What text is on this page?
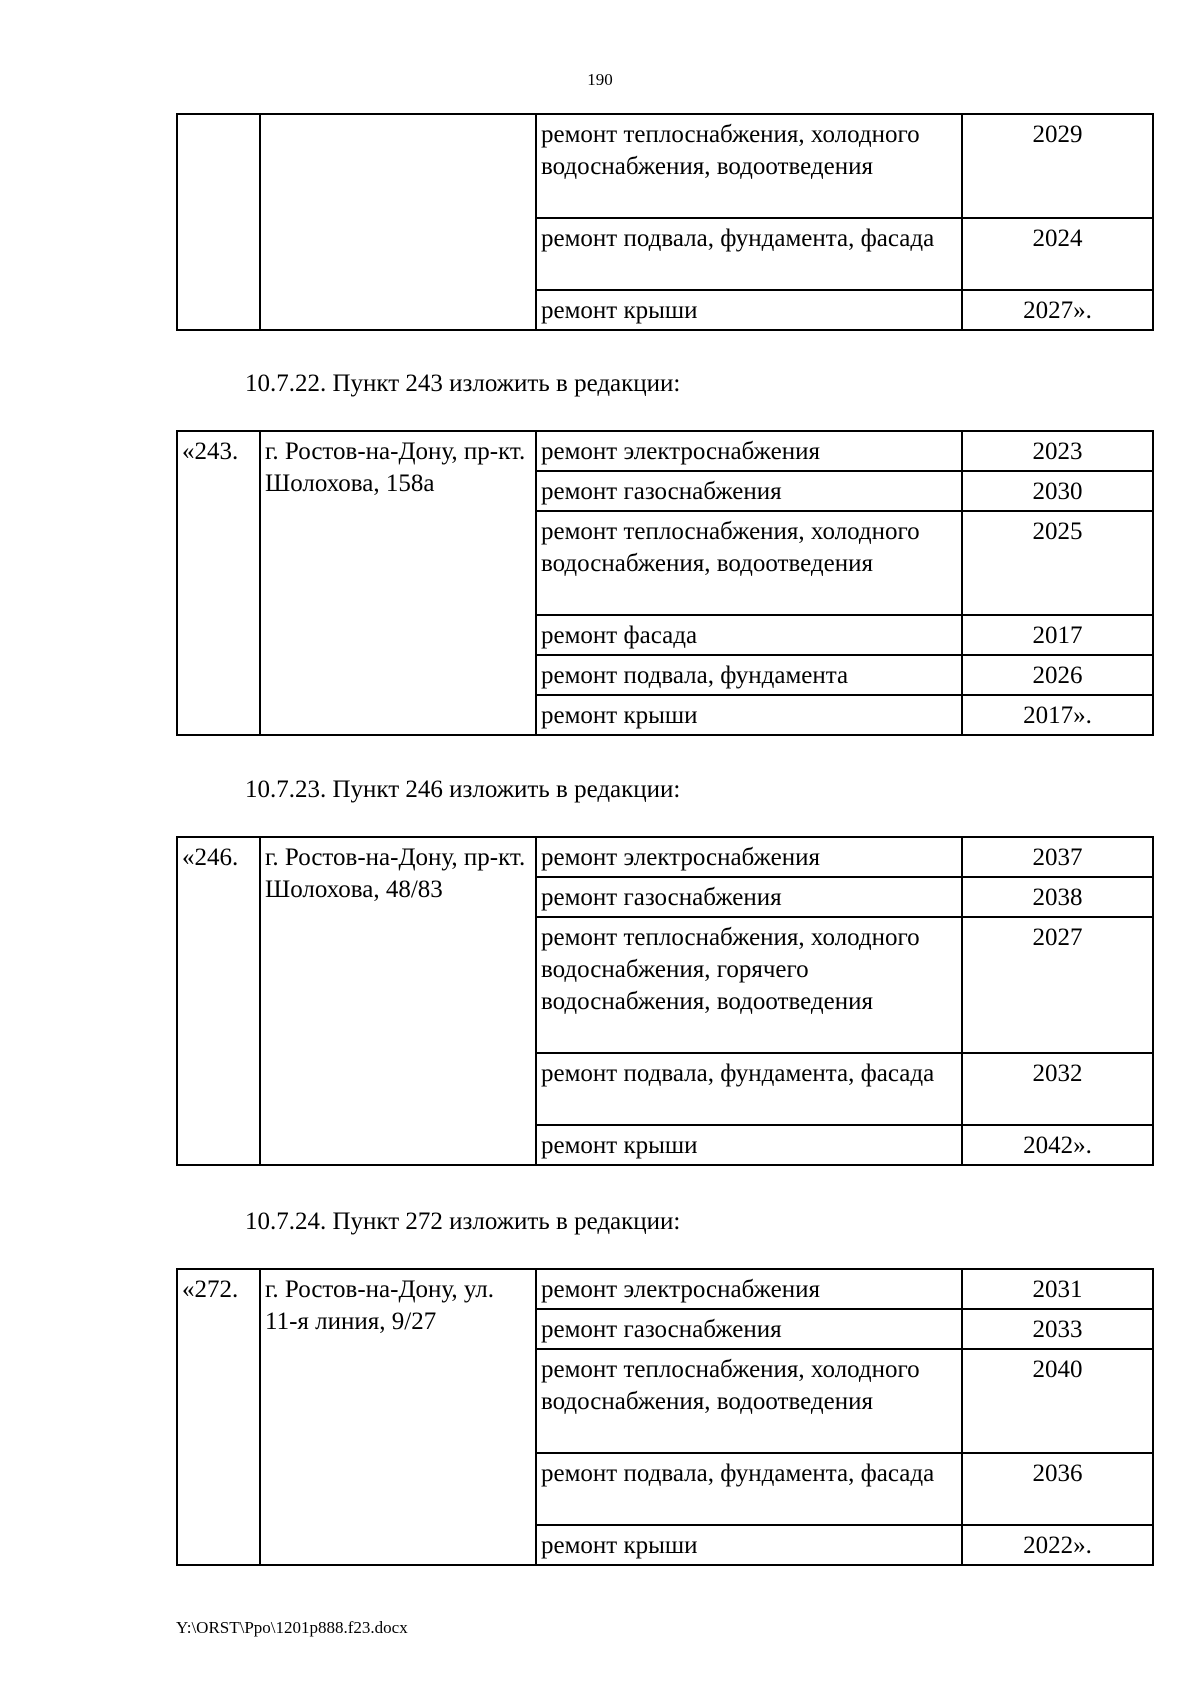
190
		ремонт теплоснабжения, холодного водоснабжения, водоотведения	2029
		ремонт подвала, фундамента, фасада	2024
		ремонт крыши	2027».
10.7.22. Пункт 243 изложить в редакции:
«243.	г. Ростов-на-Дону, пр-кт. Шолохова, 158а	ремонт электроснабжения	2023
		ремонт газоснабжения	2030
		ремонт теплоснабжения, холодного водоснабжения, водоотведения	2025
		ремонт фасада	2017
		ремонт подвала, фундамента	2026
		ремонт крыши	2017».
10.7.23. Пункт 246 изложить в редакции:
«246.	г. Ростов-на-Дону, пр-кт. Шолохова, 48/83	ремонт электроснабжения	2037
		ремонт газоснабжения	2038
		ремонт теплоснабжения, холодного водоснабжения, горячего водоснабжения, водоотведения	2027
		ремонт подвала, фундамента, фасада	2032
		ремонт крыши	2042».
10.7.24. Пункт 272 изложить в редакции:
«272.	г. Ростов-на-Дону, ул. 11-я линия, 9/27	ремонт электроснабжения	2031
		ремонт газоснабжения	2033
		ремонт теплоснабжения, холодного водоснабжения, водоотведения	2040
		ремонт подвала, фундамента, фасада	2036
		ремонт крыши	2022».
Y:\ORST\Ppo\1201p888.f23.docx
